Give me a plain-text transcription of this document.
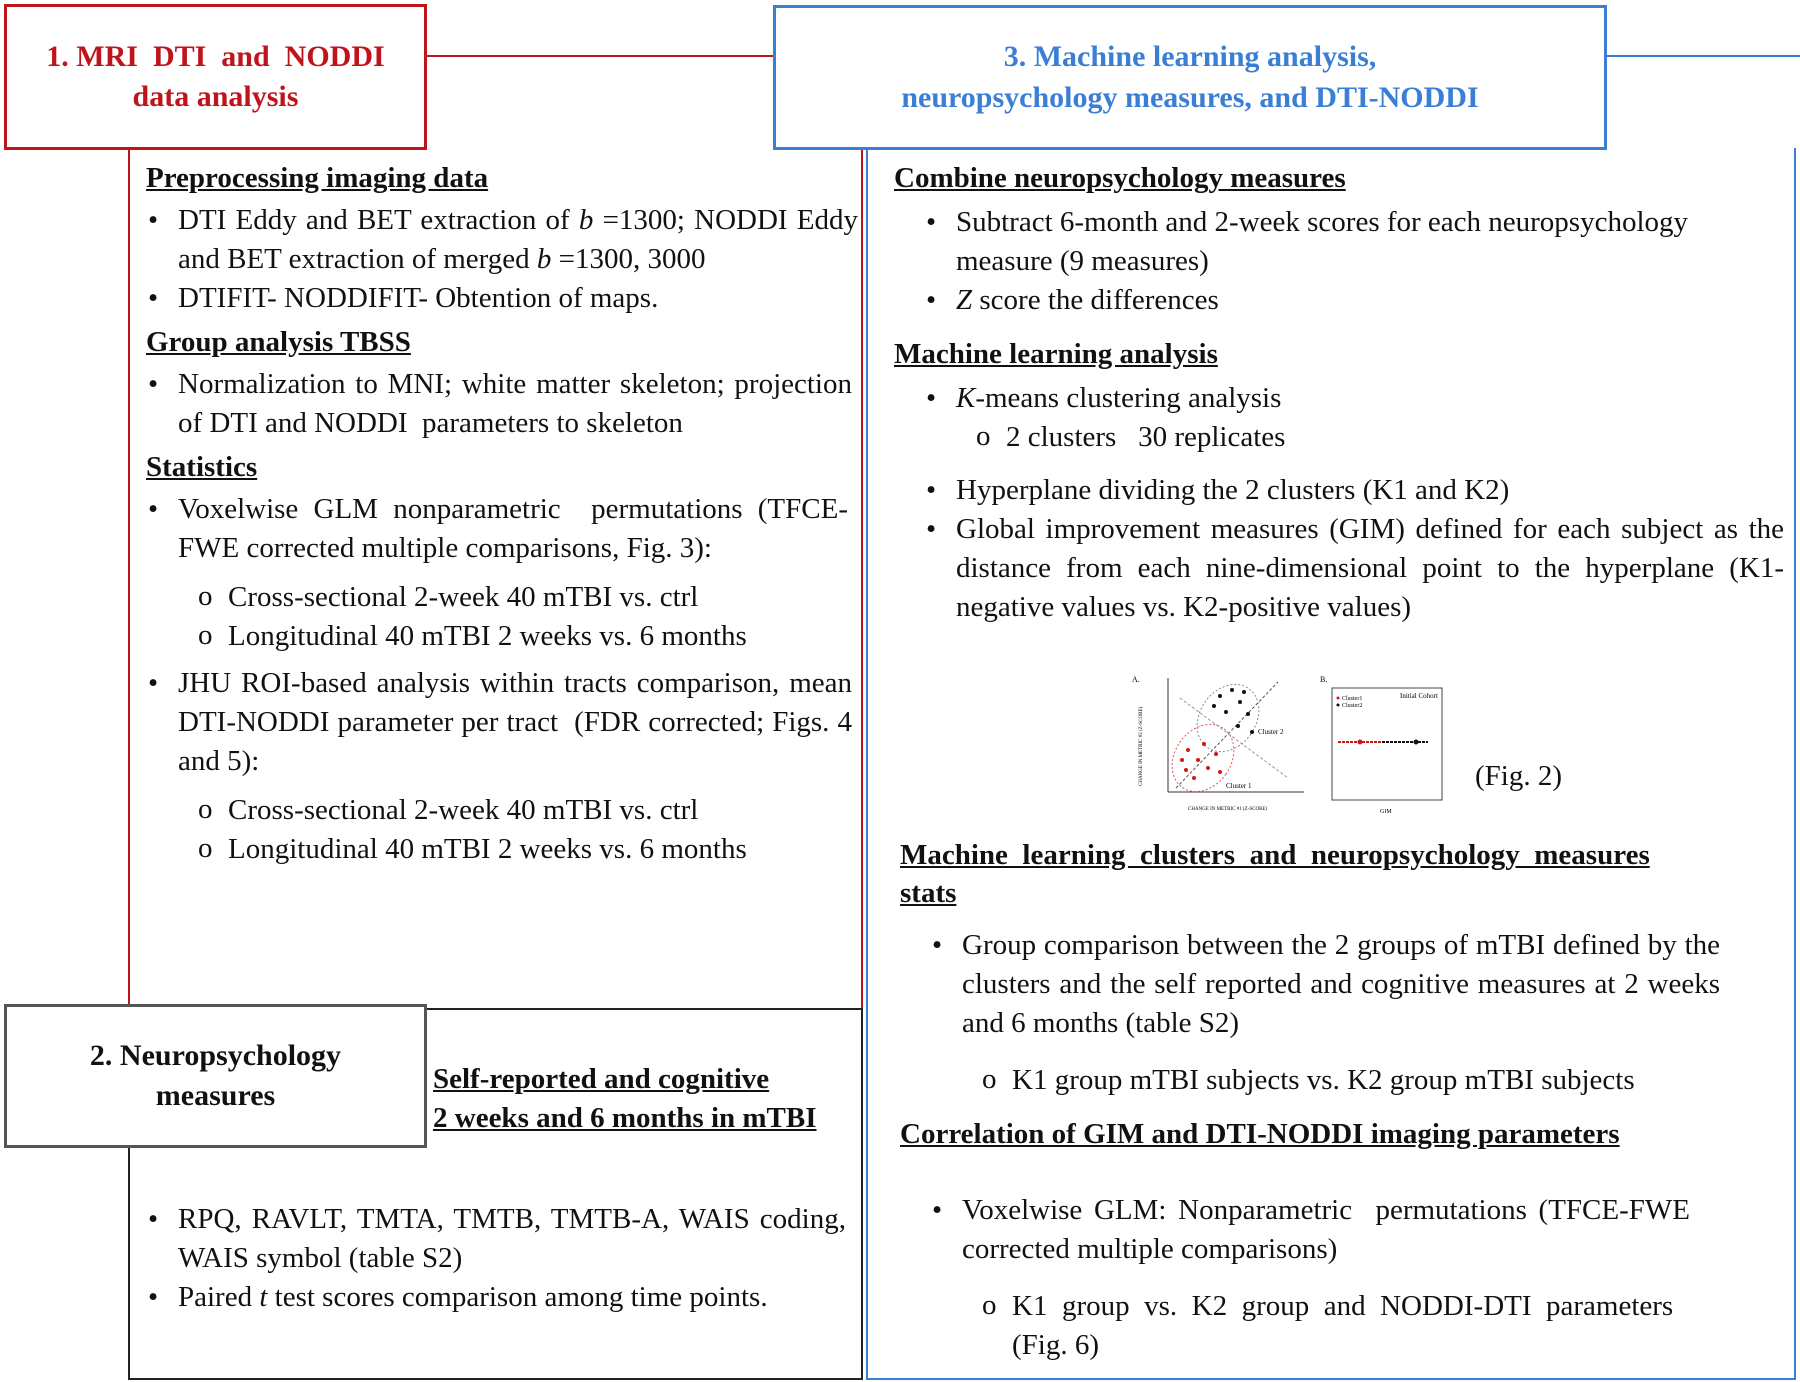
1. MRI  DTI  and  NODDI
data analysis
3. Machine learning analysis,
neuropsychology measures, and DTI-NODDI
2. Neuropsychology
measures
Preprocessing imaging data
• DTI Eddy and BET extraction of b =1300; NODDI Eddy and BET extraction of merged b =1300, 3000
• DTIFIT- NODDIFIT- Obtention of maps.
Group analysis TBSS
• Normalization to MNI; white matter skeleton; projection of DTI and NODDI  parameters to skeleton
Statistics
• Voxelwise GLM nonparametric  permutations (TFCE-FWE corrected multiple comparisons, Fig. 3):
o Cross-sectional 2-week 40 mTBI vs. ctrl
o Longitudinal 40 mTBI 2 weeks vs. 6 months
• JHU ROI-based analysis within tracts comparison, mean  DTI-NODDI parameter per tract  (FDR corrected; Figs. 4 and 5):
o Cross-sectional 2-week 40 mTBI vs. ctrl
o Longitudinal 40 mTBI 2 weeks vs. 6 months
Self-reported and cognitive
2 weeks and 6 months in mTBI
• RPQ, RAVLT, TMTA, TMTB, TMTB-A, WAIS coding, WAIS symbol (table S2)
• Paired t test scores comparison among time points.
Combine neuropsychology measures
• Subtract 6-month and 2-week scores for each neuropsychology measure (9 measures)
• Z score the differences
Machine learning analysis
• K-means clustering analysis
o 2 clusters   30 replicates
• Hyperplane dividing the 2 clusters (K1 and K2)
• Global improvement measures (GIM) defined for each subject as the distance from each nine-dimensional point to the hyperplane (K1-negative values vs. K2-positive values)
A.
Cluster 2
Cluster 1
CHANGE IN METRIC #1 (Z-SCORE)
CHANGE IN METRIC #2 (Z-SCORE)
B.
Initial Cohort
Cluster1
Cluster2
GIM
(Fig. 2)
Machine  learning  clusters  and  neuropsychology  measures
stats
• Group comparison between the 2 groups of mTBI defined by the clusters and the self reported and cognitive measures at 2 weeks and 6 months (table S2)
o K1 group mTBI subjects vs. K2 group mTBI subjects
Correlation of GIM and DTI-NODDI imaging parameters
• Voxelwise GLM: Nonparametric  permutations (TFCE-FWE corrected multiple comparisons)
o K1  group  vs.  K2  group  and  NODDI-DTI  parameters (Fig. 6)
